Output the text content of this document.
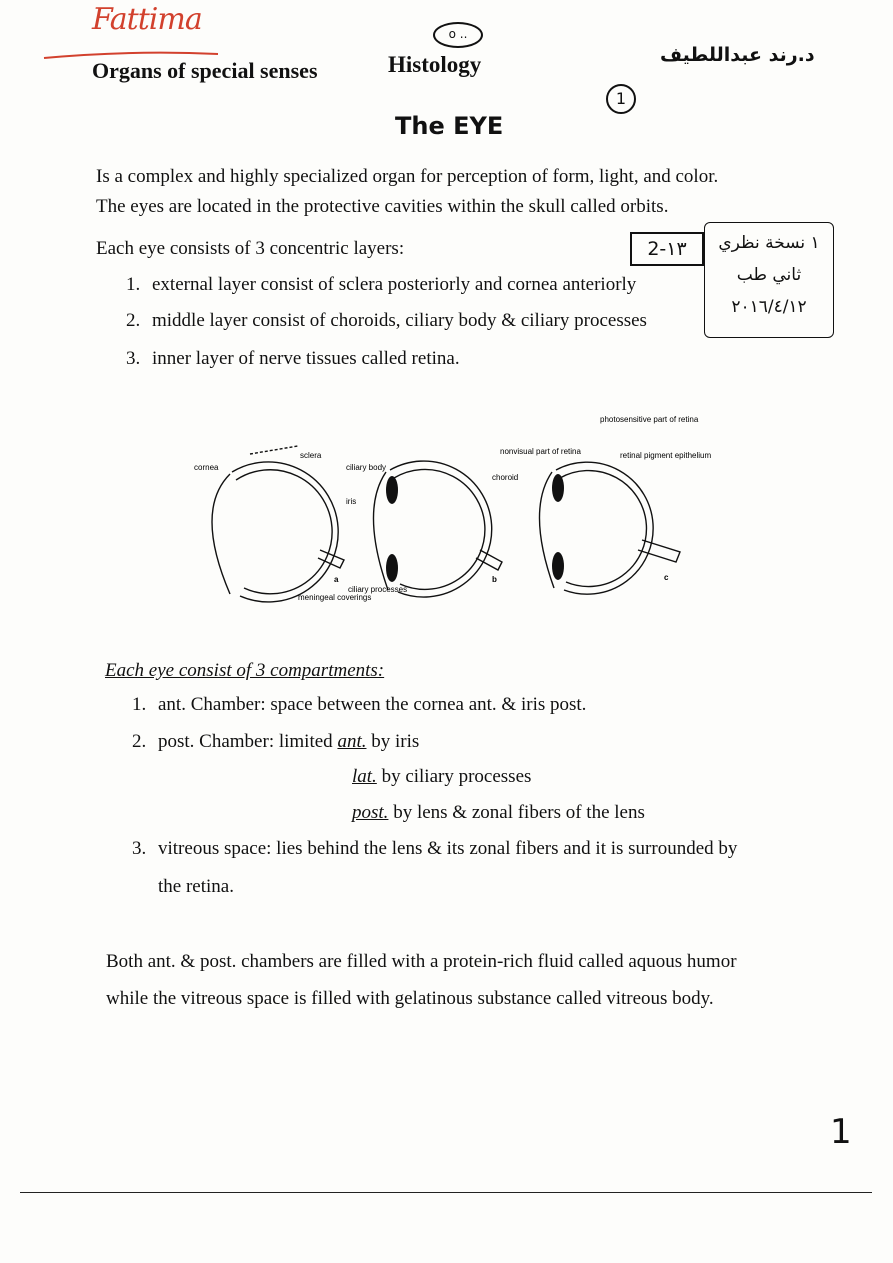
Fattima
Organs of special senses
o ..
Histology	د.رند عبداللطيف
1
The EYE
Is a complex and highly specialized organ for perception of form, light, and color.
The eyes are located in the protective cavities within the skull called orbits.
Each eye consists of 3 concentric layers:
1. external layer consist of sclera posteriorly and cornea anteriorly
2. middle layer consist of choroids, ciliary body & ciliary processes
3. inner layer of nerve tissues called retina.
2-١٣	١ نسخة نظري
ثاني طب
٢٠١٦/٤/١٢
cornea
sclera
ciliary body
iris
meningeal coverings
ciliary processes
nonvisual part of retina
choroid
photosensitive part of retina
retinal pigment epithelium
a	b	c
Each eye consist of 3 compartments:
1. ant. Chamber: space between the cornea ant. & iris post.
2. post. Chamber: limited ant. by iris
lat. by ciliary processes
post. by lens & zonal fibers of the lens
3. vitreous space: lies behind the lens & its zonal fibers and it is surrounded by
the retina.
Both ant. & post. chambers are filled with a protein-rich fluid called aquous humor
while the vitreous space is filled with gelatinous substance called vitreous body.
1
